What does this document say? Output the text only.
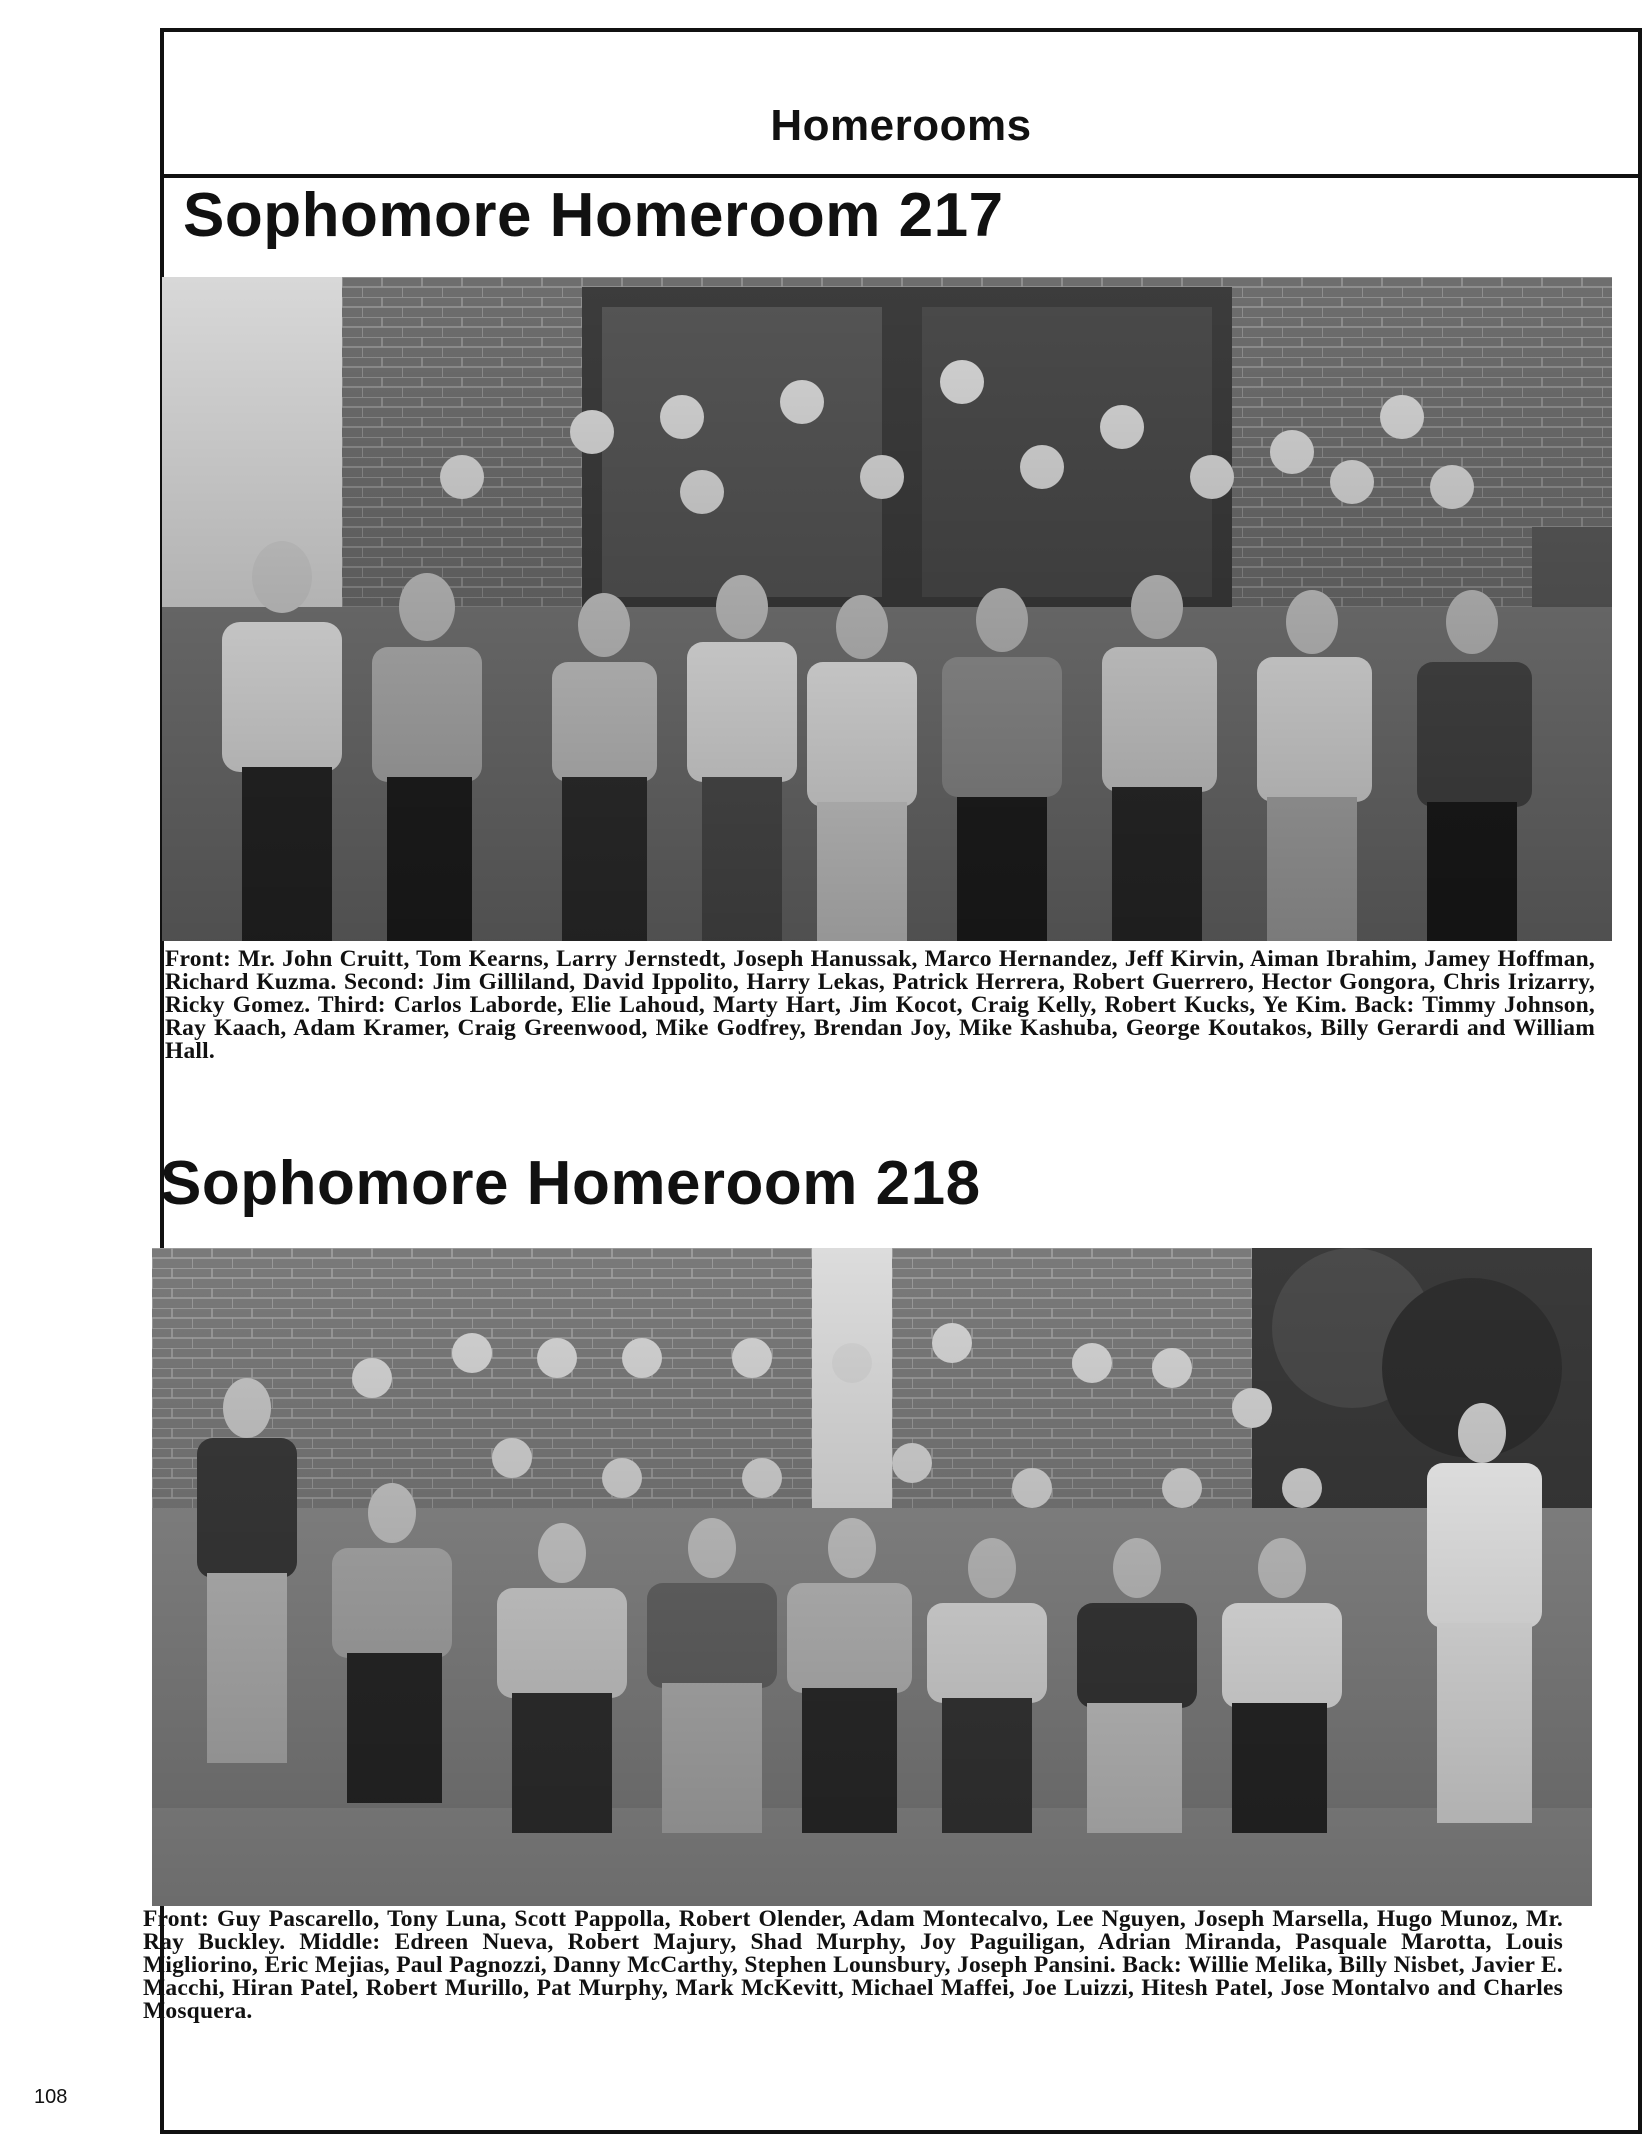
Homerooms
Sophomore Homeroom 217
Front: Mr. John Cruitt, Tom Kearns, Larry Jernstedt, Joseph Hanussak, Marco Hernandez, Jeff Kirvin, Aiman Ibrahim, Jamey Hoffman, Richard Kuzma. Second: Jim Gilliland, David Ippolito, Harry Lekas, Patrick Herrera, Robert Guerrero, Hector Gongora, Chris Irizarry, Ricky Gomez. Third: Carlos Laborde, Elie Lahoud, Marty Hart, Jim Kocot, Craig Kelly, Robert Kucks, Ye Kim. Back: Timmy Johnson, Ray Kaach, Adam Kramer, Craig Greenwood, Mike Godfrey, Brendan Joy, Mike Kashuba, George Koutakos, Billy Gerardi and William Hall.
Sophomore Homeroom 218
Front: Guy Pascarello, Tony Luna, Scott Pappolla, Robert Olender, Adam Montecalvo, Lee Nguyen, Joseph Marsella, Hugo Munoz, Mr. Ray Buckley. Middle: Edreen Nueva, Robert Majury, Shad Murphy, Joy Paguiligan, Adrian Miranda, Pasquale Marotta, Louis Migliorino, Eric Mejias, Paul Pagnozzi, Danny McCarthy, Stephen Lounsbury, Joseph Pansini. Back: Willie Melika, Billy Nisbet, Javier E. Macchi, Hiran Patel, Robert Murillo, Pat Murphy, Mark McKevitt, Michael Maffei, Joe Luizzi, Hitesh Patel, Jose Montalvo and Charles Mosquera.
108
